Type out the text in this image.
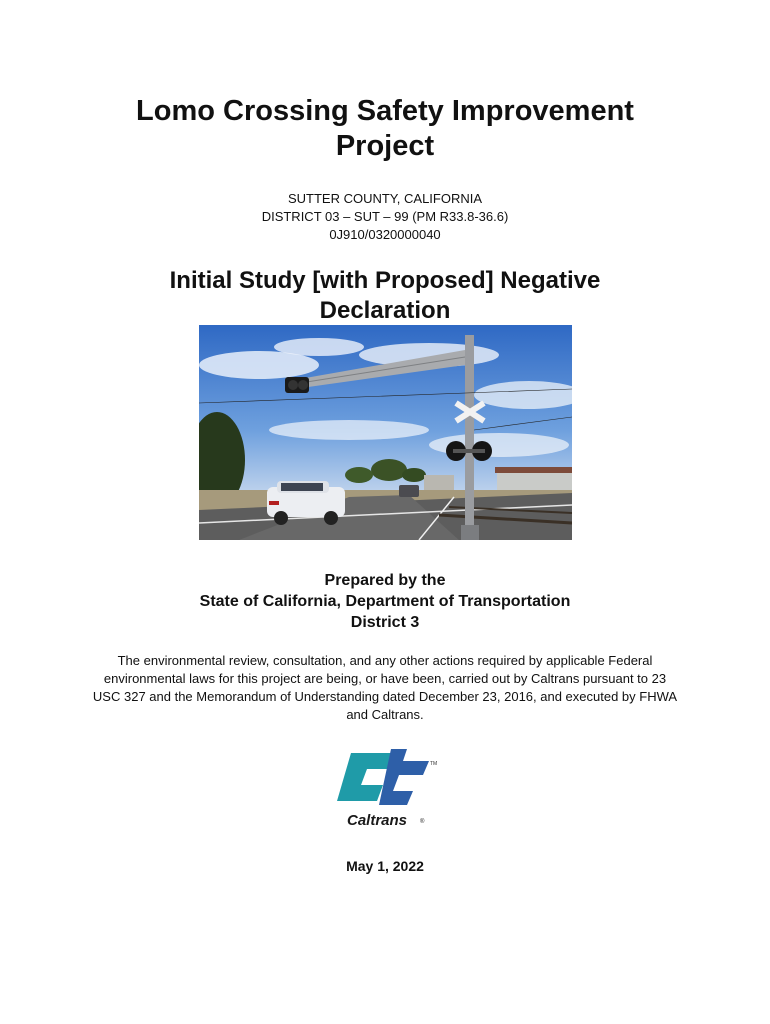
Lomo Crossing Safety Improvement
Project
SUTTER COUNTY, CALIFORNIA
DISTRICT 03 – SUT – 99 (PM R33.8-36.6)
0J910/0320000040
Initial Study [with Proposed] Negative
Declaration
Prepared by the
State of California, Department of Transportation
District 3
The environmental review, consultation, and any other actions required by applicable Federal environmental laws for this project are being, or have been, carried out by Caltrans pursuant to 23 USC 327 and the Memorandum of Understanding dated December 23, 2016, and executed by FHWA and Caltrans.
TM
Caltrans ®
May 1, 2022
